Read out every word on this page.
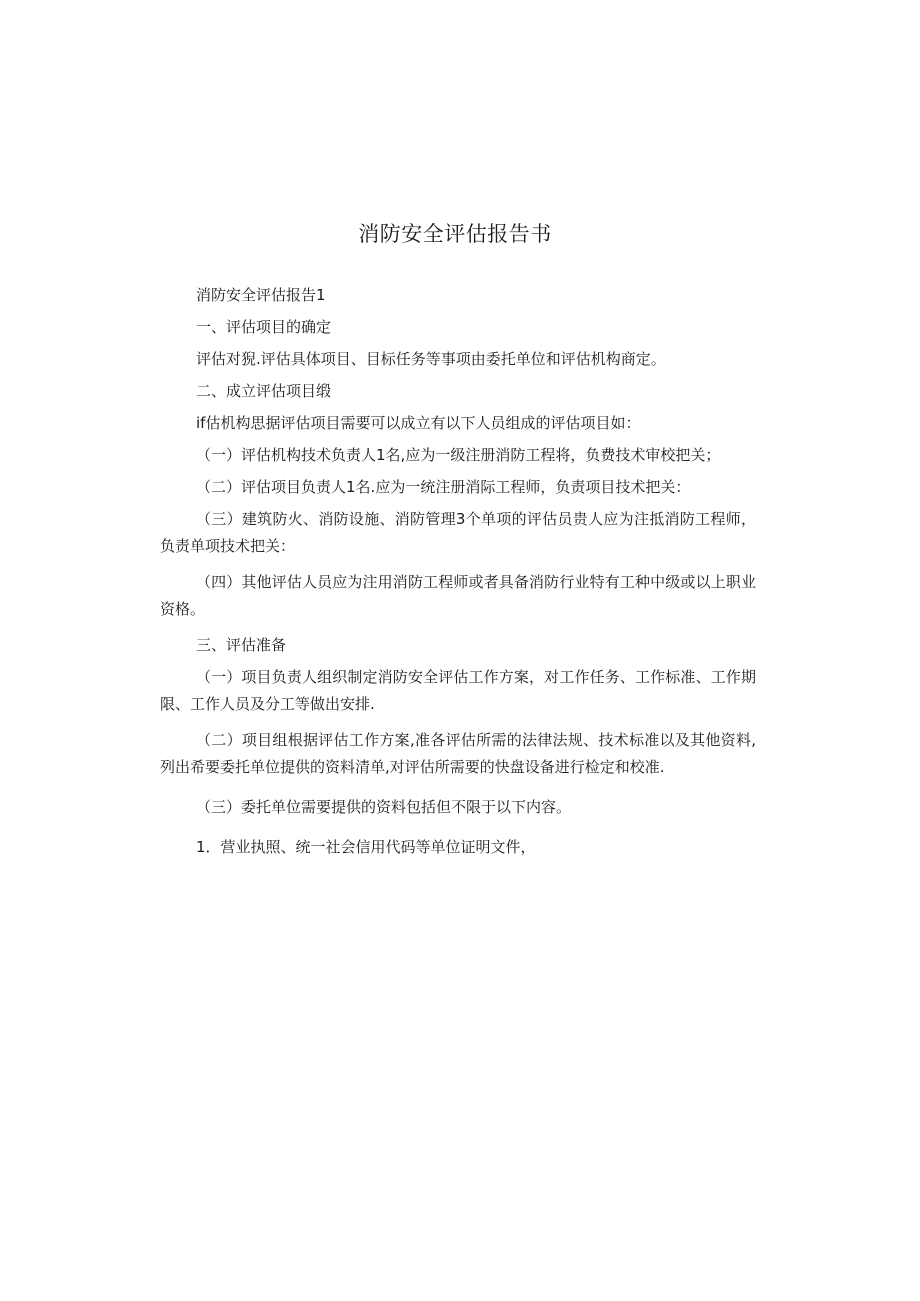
消防安全评估报告书

消防安全评估报告1

一、评估项目的确定

评估对猊.评估具体项目、目标任务等事项由委托单位和评估机构商定。

二、成立评估项目缎

if估机构思据评估项目需要可以成立有以下人员组成的评估项目如：

（一）评估机构技术负责人1名,应为一级注册消防工程将，负费技术审校把关；

（二）评估项目负责人1名.应为一统注册消际工程师，负责项目技术把关：

（三）建筑防火、消防设施、消防管理3个单项的评估员贵人应为注抵消防工程师，负责单项技术把关：

（四）其他评估人员应为注用消防工程师或者具备消防行业特有工种中级或以上职业资格。

三、评估准备

（一）项目负责人组织制定消防安全评估工作方案，对工作任务、工作标准、工作期限、工作人员及分工等做出安排.

（二）项目组根据评估工作方案,准各评估所需的法律法规、技术标准以及其他资料,列出希要委托单位提供的资料清单,对评估所需要的快盘设备进行检定和校准.

（三）委托单位需要提供的资料包括但不限于以下内容。

1．营业执照、统一社会信用代码等单位证明文件，
